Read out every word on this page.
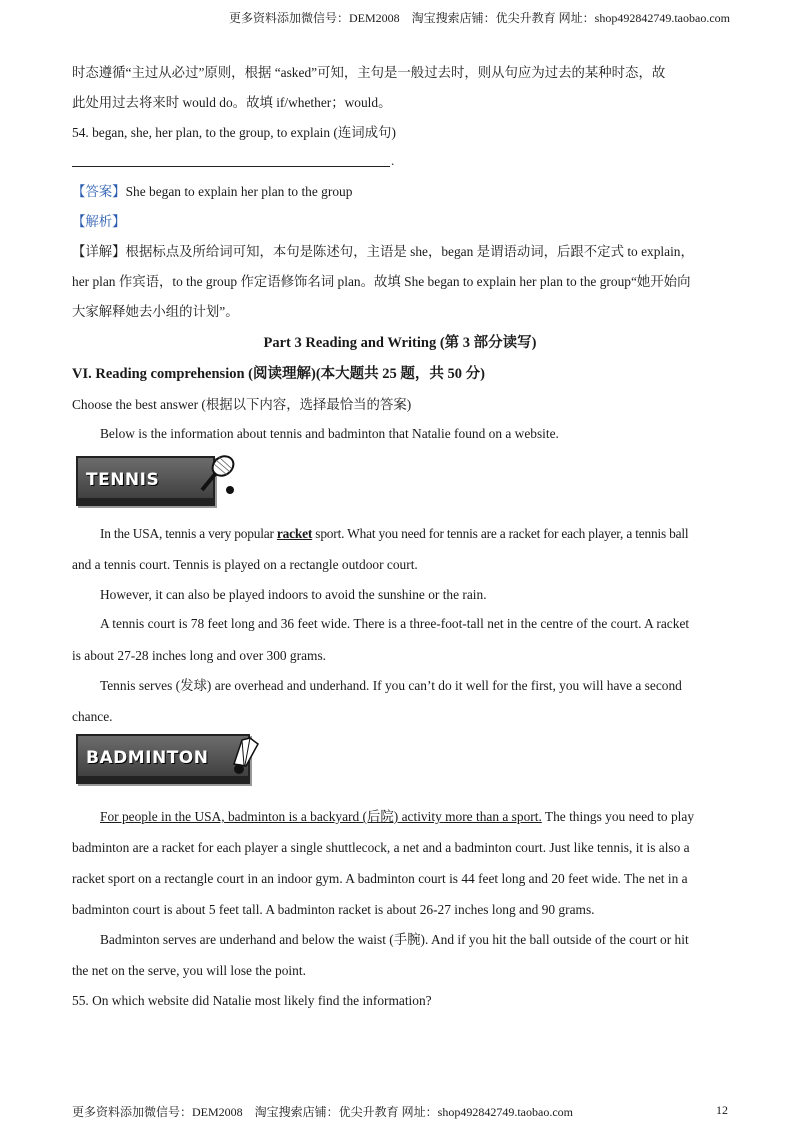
更多资料添加微信号：DEM2008　淘宝搜索店铺：优尖升教育 网址：shop492842749.taobao.com
时态遵循“主过从必过”原则，根据 “asked”可知，主句是一般过去时，则从句应为过去的某种时态，故
此处用过去将来时 would do。故填 if/whether；would。
54. began, she, her plan, to the group, to explain (连词成句)
.
【答案】She began to explain her plan to the group
【解析】
【详解】根据标点及所给词可知，本句是陈述句，主语是 she，began 是谓语动词，后跟不定式 to explain，
her plan 作宾语，to the group 作定语修饰名词 plan。故填 She began to explain her plan to the group“她开始向
大家解释她去小组的计划”。
Part 3 Reading and Writing (第 3 部分读写)
VI. Reading comprehension (阅读理解)(本大题共 25 题，共 50 分)
Choose the best answer (根据以下内容，选择最恰当的答案)
Below is the information about tennis and badminton that Natalie found on a website.
TENNIS
In the USA, tennis a very popular racket sport. What you need for tennis are a racket for each player, a tennis ball
and a tennis court. Tennis is played on a rectangle outdoor court.
However, it can also be played indoors to avoid the sunshine or the rain.
A tennis court is 78 feet long and 36 feet wide. There is a three-foot-tall net in the centre of the court. A racket
is about 27-28 inches long and over 300 grams.
Tennis serves (发球) are overhead and underhand. If you can’t do it well for the first, you will have a second
chance.
BADMINTON
For people in the USA, badminton is a backyard (后院) activity more than a sport. The things you need to play
badminton are a racket for each player a single shuttlecock, a net and a badminton court. Just like tennis, it is also a
racket sport on a rectangle court in an indoor gym. A badminton court is 44 feet long and 20 feet wide. The net in a
badminton court is about 5 feet tall. A badminton racket is about 26-27 inches long and 90 grams.
Badminton serves are underhand and below the waist (手腕). And if you hit the ball outside of the court or hit
the net on the serve, you will lose the point.
55. On which website did Natalie most likely find the information?
更多资料添加微信号：DEM2008　淘宝搜索店铺：优尖升教育 网址：shop492842749.taobao.com	12
